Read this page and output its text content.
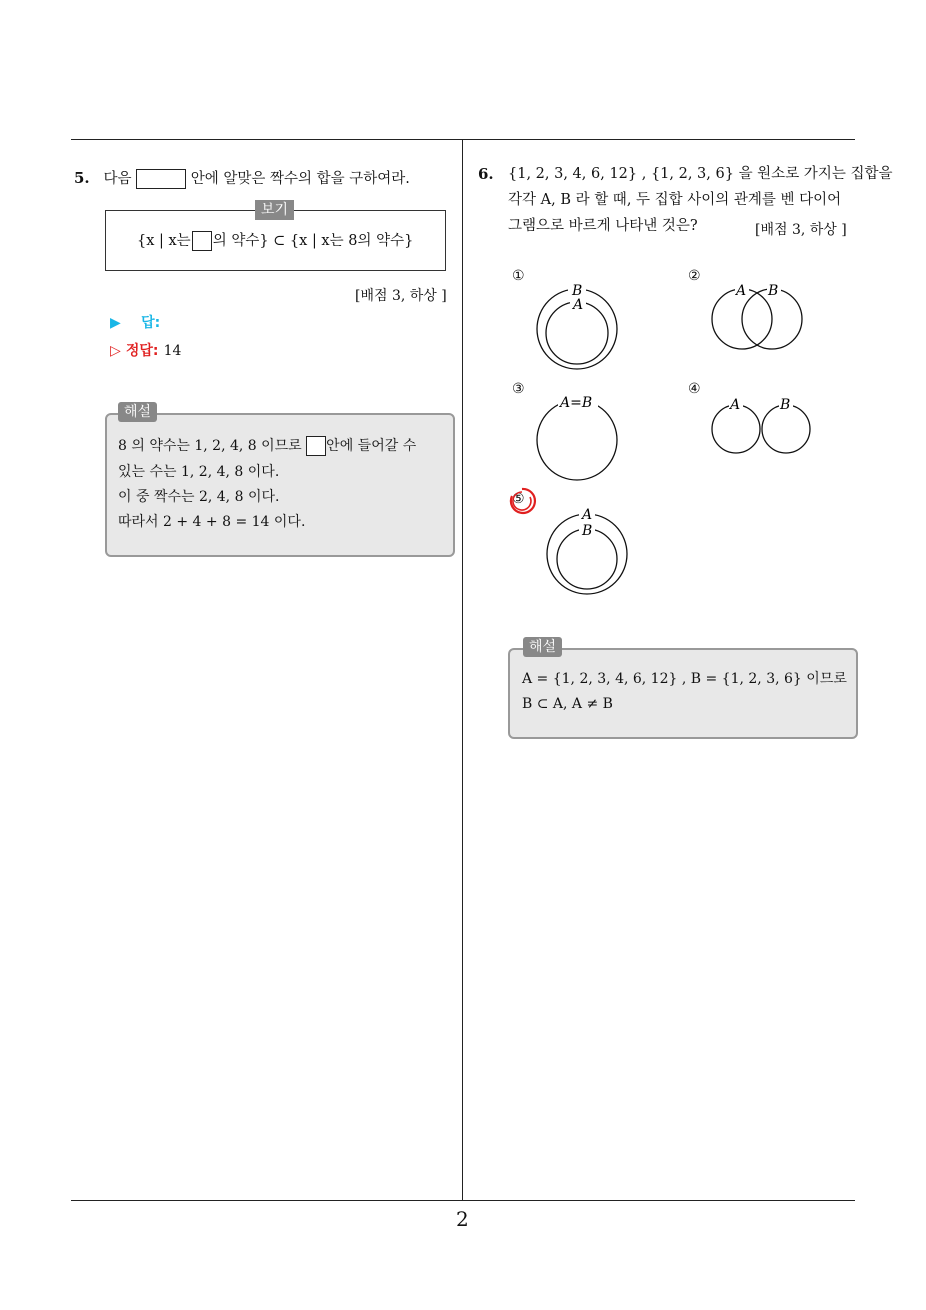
5. 다음	안에 알맞은 짝수의 합을 구하여라.
보기
{x | x는 의 약수} ⊂ {x | x는 8의 약수}
[배점 3, 하상 ]
▶ 답:
▷ 정답: 14
해설
8 의 약수는 1, 2, 4, 8 이므로 안에 들어갈 수
있는 수는 1, 2, 4, 8 이다.
이 중 짝수는 2, 4, 8 이다.
따라서 2 + 4 + 8 = 14 이다.
6. {1, 2, 3, 4, 6, 12} , {1, 2, 3, 6} 을 원소로 가지는 집합을
각각 A, B 라 할 때, 두 집합 사이의 관계를 벤 다이어
그램으로 바르게 나타낸 것은?	[배점 3, 하상 ]
①	②
③	④
⑤
B
A
A B
A=B	A	B
A
B
해설
A = {1, 2, 3, 4, 6, 12} , B = {1, 2, 3, 6} 이므로
B ⊂ A, A ≠ B
2
